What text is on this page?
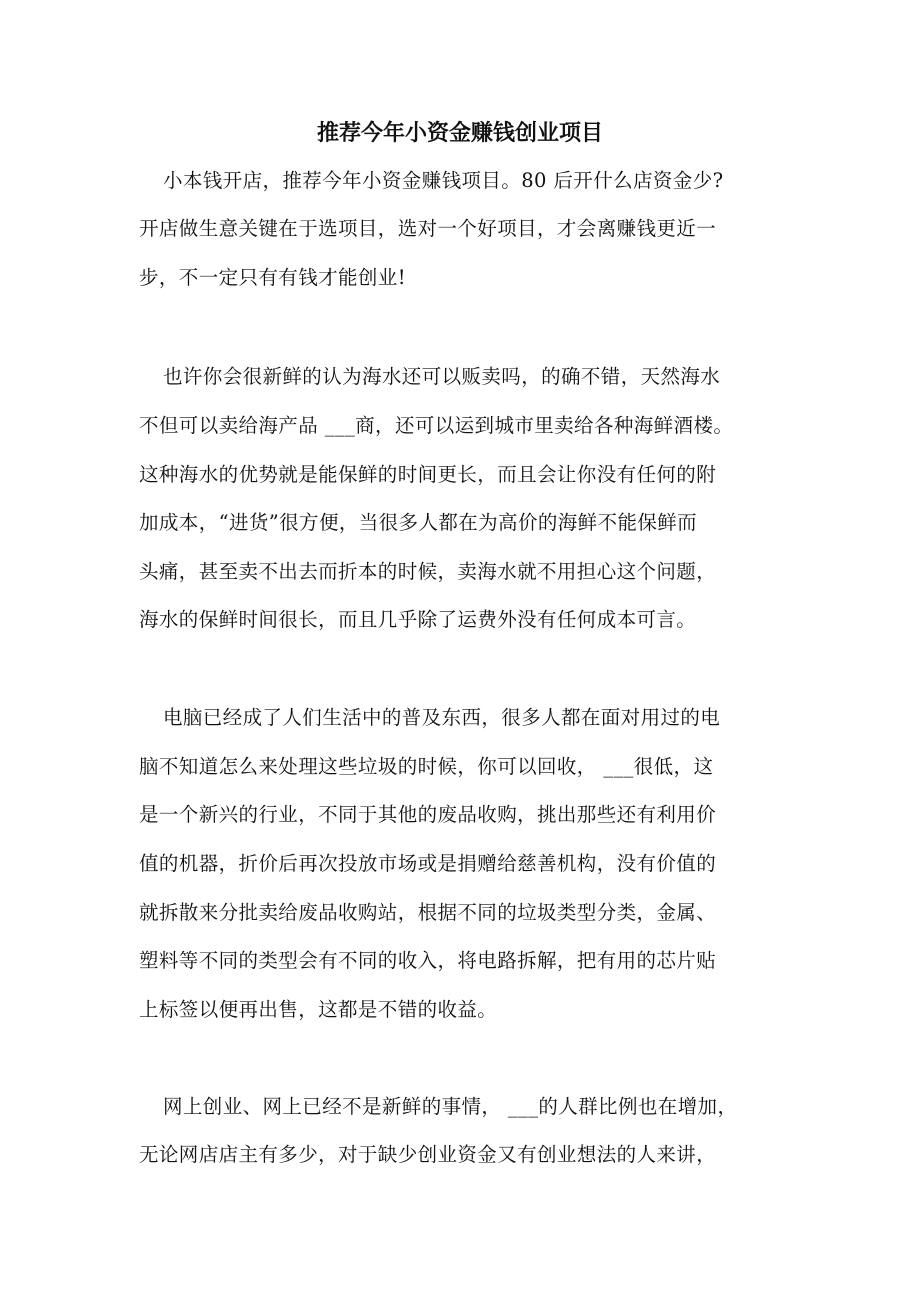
推荐今年小资金赚钱创业项目
小本钱开店，推荐今年小资金赚钱项目。80 后开什么店资金少?
开店做生意关键在于选项目，选对一个好项目，才会离赚钱更近一
步，不一定只有有钱才能创业!
也许你会很新鲜的认为海水还可以贩卖吗，的确不错，天然海水
不但可以卖给海产品 ___商，还可以运到城市里卖给各种海鲜酒楼。
这种海水的优势就是能保鲜的时间更长，而且会让你没有任何的附
加成本，“进货”很方便，当很多人都在为高价的海鲜不能保鲜而
头痛，甚至卖不出去而折本的时候，卖海水就不用担心这个问题，
海水的保鲜时间很长，而且几乎除了运费外没有任何成本可言。
电脑已经成了人们生活中的普及东西，很多人都在面对用过的电
脑不知道怎么来处理这些垃圾的时候，你可以回收， ___很低，这
是一个新兴的行业，不同于其他的废品收购，挑出那些还有利用价
值的机器，折价后再次投放市场或是捐赠给慈善机构，没有价值的
就拆散来分批卖给废品收购站，根据不同的垃圾类型分类，金属、
塑料等不同的类型会有不同的收入，将电路拆解，把有用的芯片贴
上标签以便再出售，这都是不错的收益。
网上创业、网上已经不是新鲜的事情， ___的人群比例也在增加，
无论网店店主有多少，对于缺少创业资金又有创业想法的人来讲，
